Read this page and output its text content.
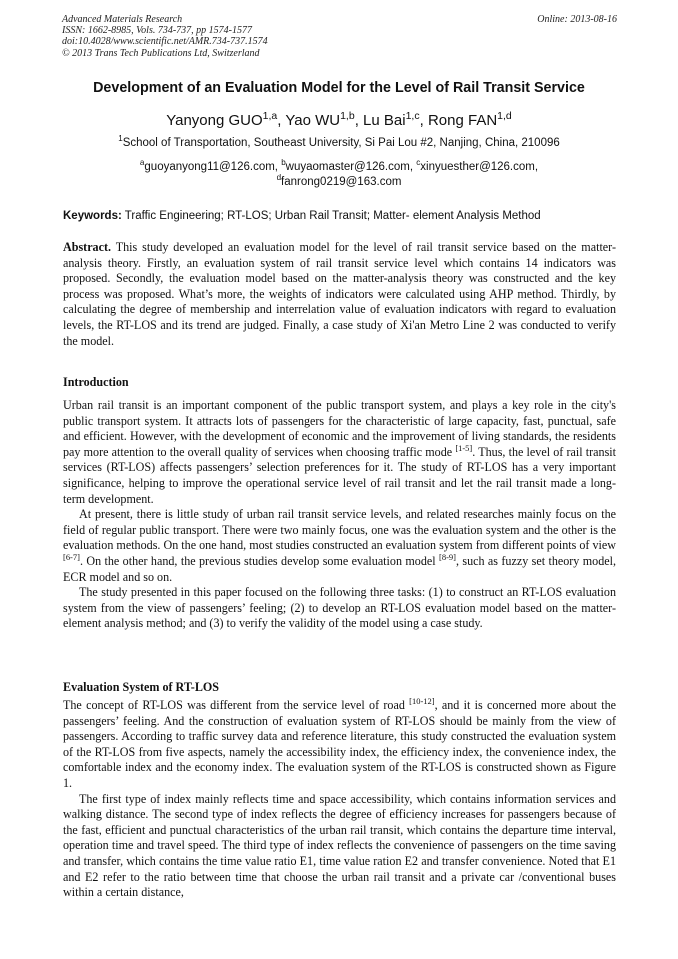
Advanced Materials Research
ISSN: 1662-8985, Vols. 734-737, pp 1574-1577
doi:10.4028/www.scientific.net/AMR.734-737.1574
© 2013 Trans Tech Publications Ltd, Switzerland
Online: 2013-08-16
Development of an Evaluation Model for the Level of Rail Transit Service
Yanyong GUO$^{1,a}$, Yao WU$^{1,b}$, Lu Bai$^{1,c}$, Rong FAN$^{1,d}$
$^1$School of Transportation, Southeast University, Si Pai Lou #2, Nanjing, China, 210096
$^a$guoyanyong11@126.com, $^b$wuyaomaster@126.com, $^c$xinyuesther@126.com,
$^d$fanrong0219@163.com
Keywords: Traffic Engineering; RT-LOS; Urban Rail Transit; Matter- element Analysis Method

Abstract. This study developed an evaluation model for the level of rail transit service based on the matter-analysis theory. Firstly, an evaluation system of rail transit service level which contains 14 indicators was proposed. Secondly, the evaluation model based on the matter-analysis theory was constructed and the key process was proposed. What’s more, the weights of indicators were calculated using AHP method. Thirdly, by calculating the degree of membership and interrelation value of evaluation indicators with regard to evaluation levels, the RT-LOS and its trend are judged. Finally, a case study of Xi'an Metro Line 2 was conducted to verify the model.

Introduction

Urban rail transit is an important component of the public transport system, and plays a key role in the city's public transport system. It attracts lots of passengers for the characteristic of large capacity, fast, punctual, safe and efficient. However, with the development of economic and the improvement of living standards, the residents pay more attention to the overall quality of services when choosing traffic mode [1-5]. Thus, the level of rail transit services (RT-LOS) affects passengers’ selection preferences for it. The study of RT-LOS has a very important significance, helping to improve the operational service level of rail transit and let the rail transit made a long-term development.

At present, there is little study of urban rail transit service levels, and related researches mainly focus on the field of regular public transport. There were two mainly focus, one was the evaluation system and the other is the evaluation methods. On the one hand, most studies constructed an evaluation system from different points of view [6-7]. On the other hand, the previous studies develop some evaluation model [8-9], such as fuzzy set theory model, ECR model and so on.

The study presented in this paper focused on the following three tasks: (1) to construct an RT-LOS evaluation system from the view of passengers’ feeling; (2) to develop an RT-LOS evaluation model based on the matter-element analysis method; and (3) to verify the validity of the model using a case study.

Evaluation System of RT-LOS

The concept of RT-LOS was different from the service level of road [10-12], and it is concerned more about the passengers’ feeling. And the construction of evaluation system of RT-LOS should be mainly from the view of passengers. According to traffic survey data and reference literature, this study constructed the evaluation system of the RT-LOS from five aspects, namely the accessibility index, the efficiency index, the convenience index, the comfortable index and the economy index. The evaluation system of the RT-LOS is constructed shown as Figure 1.

The first type of index mainly reflects time and space accessibility, which contains information services and walking distance. The second type of index reflects the degree of efficiency increases for passengers because of the fast, efficient and punctual characteristics of the urban rail transit, which contains the departure time interval, operation time and travel speed. The third type of index reflects the convenience of passengers on the time saving and transfer, which contains the time value ratio E1, time value ration E2 and transfer convenience. Noted that E1 and E2 refer to the ratio between time that choose the urban rail transit and a private car /conventional buses within a certain distance,
